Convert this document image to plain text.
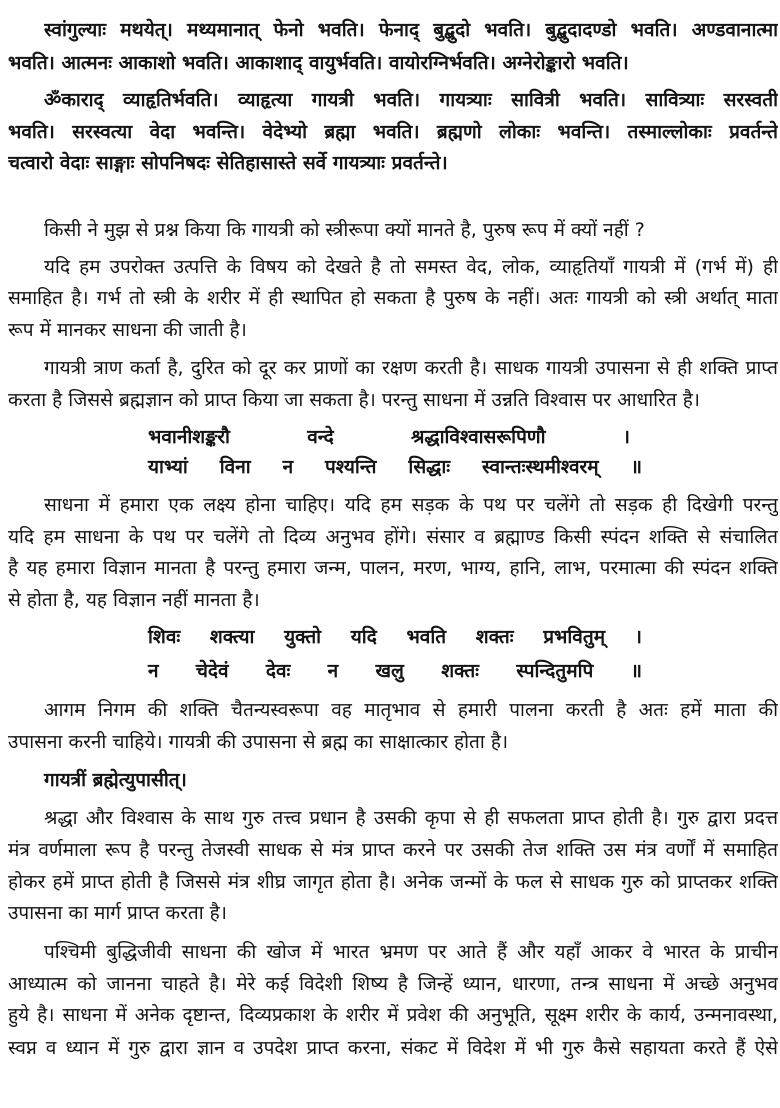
स्वांगुल्याः मथयेत्। मथ्यमानात् फेनो भवति। फेनाद् बुद्बुदो भवति। बुद्बुदादण्डो भवति। अण्डवानात्मा
भवति। आत्मनः आकाशो भवति। आकाशाद् वायुर्भवति। वायोरग्निर्भवति। अग्नेरोङ्कारो भवति।
ॐकाराद् व्याहृतिर्भवति। व्याहृत्या गायत्री भवति। गायत्र्याः सावित्री भवति। सावित्र्याः सरस्वती
भवति। सरस्वत्या वेदा भवन्ति। वेदेभ्यो ब्रह्मा भवति। ब्रह्मणो लोकाः भवन्ति। तस्माल्लोकाः प्रवर्तन्ते
चत्वारो वेदाः साङ्गाः सोपनिषदः सेतिहासास्ते सर्वे गायत्र्याः प्रवर्तन्ते।
किसी ने मुझ से प्रश्न किया कि गायत्री को स्त्रीरूपा क्यों मानते है, पुरुष रूप में क्यों नहीं ?
यदि हम उपरोक्त उत्पत्ति के विषय को देखते है तो समस्त वेद, लोक, व्याहृतियाँ गायत्री में (गर्भ में) ही
समाहित है। गर्भ तो स्त्री के शरीर में ही स्थापित हो सकता है पुरुष के नहीं। अतः गायत्री को स्त्री अर्थात् माता
रूप में मानकर साधना की जाती है।
गायत्री त्राण कर्ता है, दुरित को दूर कर प्राणों का रक्षण करती है। साधक गायत्री उपासना से ही शक्ति प्राप्त
करता है जिससे ब्रह्मज्ञान को प्राप्त किया जा सकता है। परन्तु साधना में उन्नति विश्वास पर आधारित है।
भवानीशङ्करौ	वन्दे	श्रद्धाविश्वासरूपिणौ	।
याभ्यां विना न पश्यन्ति सिद्धाः स्वान्तःस्थमीश्वरम् ॥
साधना में हमारा एक लक्ष्य होना चाहिए। यदि हम सड़क के पथ पर चलेंगे तो सड़क ही दिखेगी परन्तु
यदि हम साधना के पथ पर चलेंगे तो दिव्य अनुभव होंगे। संसार व ब्रह्माण्ड किसी स्पंदन शक्ति से संचालित
है यह हमारा विज्ञान मानता है परन्तु हमारा जन्म, पालन, मरण, भाग्य, हानि, लाभ, परमात्मा की स्पंदन शक्ति
से होता है, यह विज्ञान नहीं मानता है।
शिवः शक्त्या युक्तो यदि भवति शक्तः प्रभवितुम् ।
न चेदेवं देवः न खलु शक्तः स्पन्दितुमपि ॥
आगम निगम की शक्ति चैतन्यस्वरूपा वह मातृभाव से हमारी पालना करती है अतः हमें माता की
उपासना करनी चाहिये। गायत्री की उपासना से ब्रह्म का साक्षात्कार होता है।
गायत्रीं ब्रह्मेत्युपासीत्।
श्रद्धा और विश्वास के साथ गुरु तत्त्व प्रधान है उसकी कृपा से ही सफलता प्राप्त होती है। गुरु द्वारा प्रदत्त
मंत्र वर्णमाला रूप है परन्तु तेजस्वी साधक से मंत्र प्राप्त करने पर उसकी तेज शक्ति उस मंत्र वर्णों में समाहित
होकर हमें प्राप्त होती है जिससे मंत्र शीघ्र जागृत होता है। अनेक जन्मों के फल से साधक गुरु को प्राप्तकर शक्ति
उपासना का मार्ग प्राप्त करता है।
पश्चिमी बुद्धिजीवी साधना की खोज में भारत भ्रमण पर आते हैं और यहाँ आकर वे भारत के प्राचीन
आध्यात्म को जानना चाहते है। मेरे कई विदेशी शिष्य है जिन्हें ध्यान, धारणा, तन्त्र साधना में अच्छे अनुभव
हुये है। साधना में अनेक दृष्टान्त, दिव्यप्रकाश के शरीर में प्रवेश की अनुभूति, सूक्ष्म शरीर के कार्य, उन्मनावस्था,
स्वप्न व ध्यान में गुरु द्वारा ज्ञान व उपदेश प्राप्त करना, संकट में विदेश में भी गुरु कैसे सहायता करते हैं ऐसे
